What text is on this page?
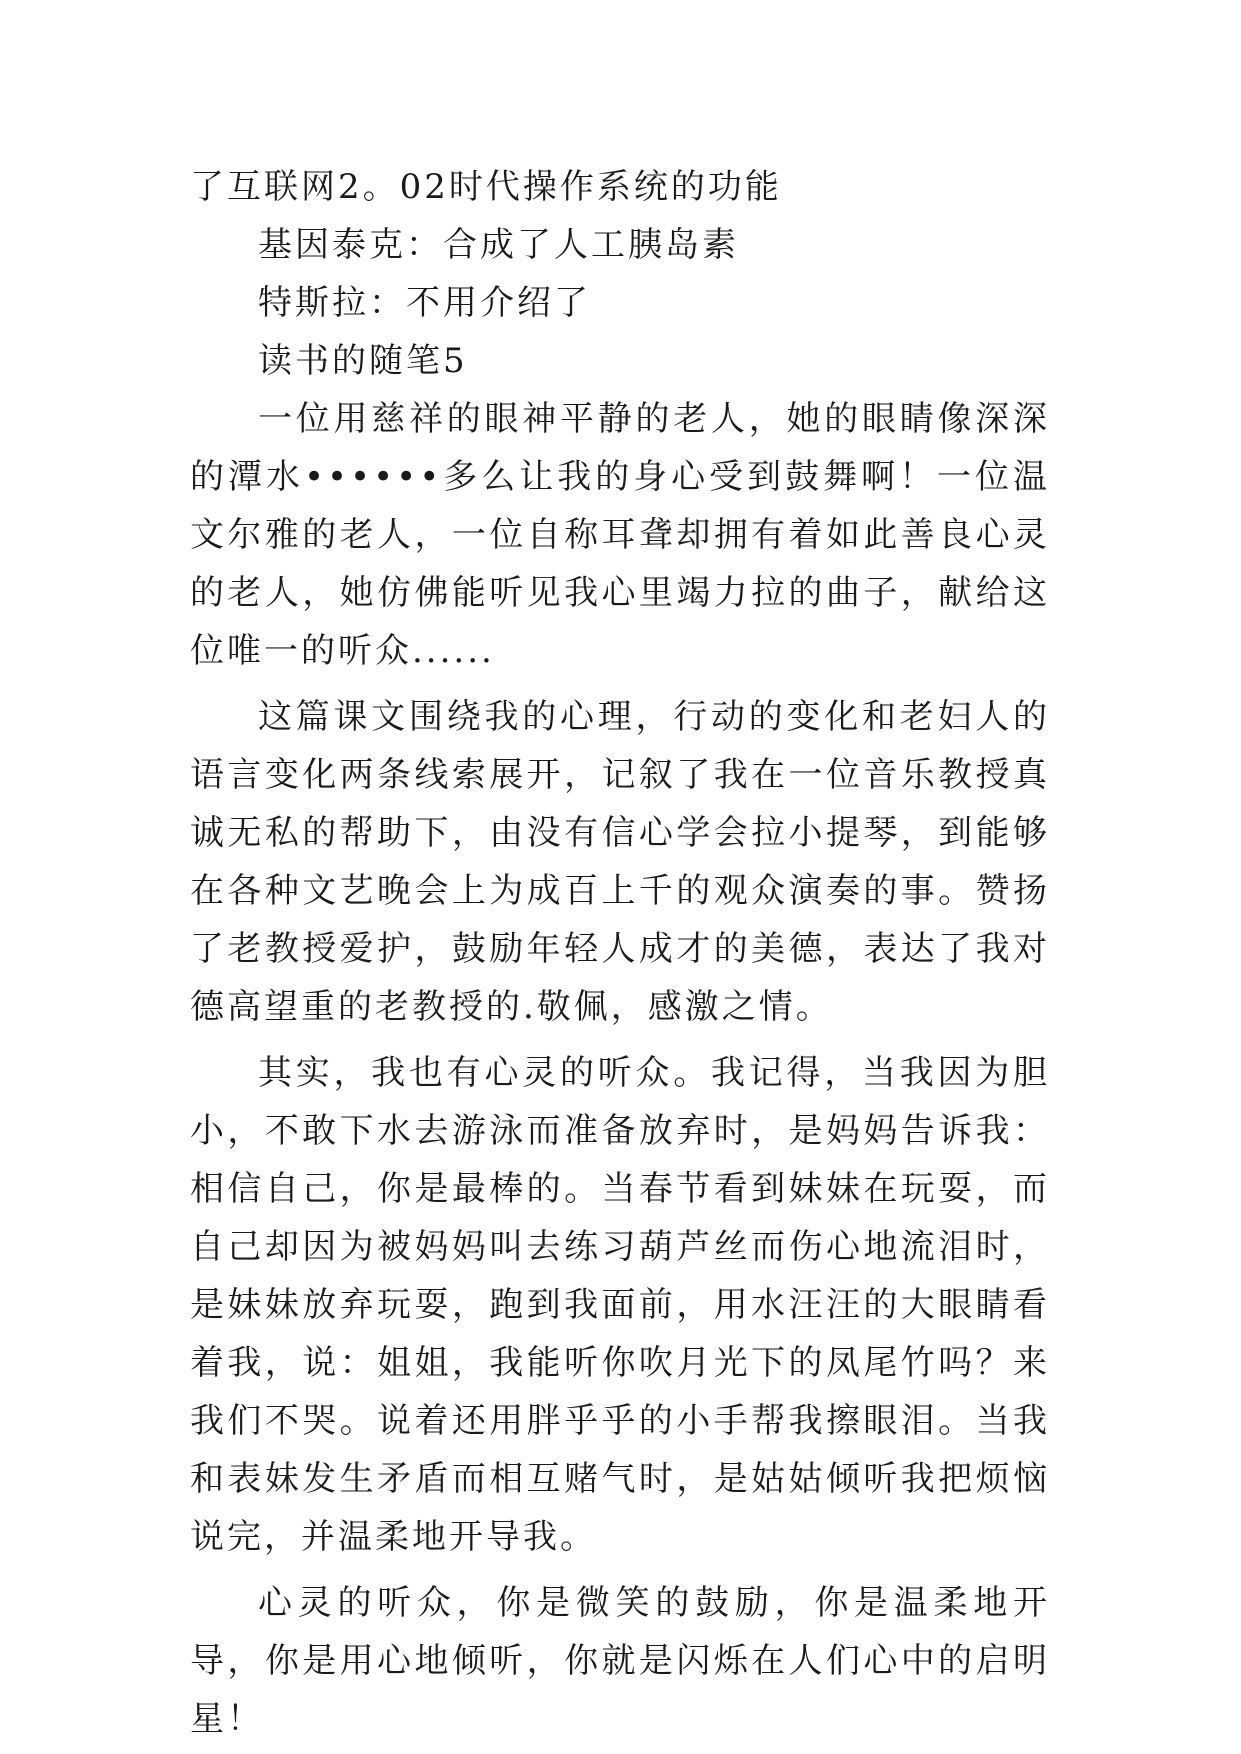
了互联网2。02时代操作系统的功能
基因泰克：合成了人工胰岛素
特斯拉：不用介绍了
读书的随笔5

一位用慈祥的眼神平静的老人，她的眼睛像深深的潭水••••••多么让我的身心受到鼓舞啊！一位温文尔雅的老人，一位自称耳聋却拥有着如此善良心灵的老人，她仿佛能听见我心里竭力拉的曲子，献给这位唯一的听众......

这篇课文围绕我的心理，行动的变化和老妇人的语言变化两条线索展开，记叙了我在一位音乐教授真诚无私的帮助下，由没有信心学会拉小提琴，到能够在各种文艺晚会上为成百上千的观众演奏的事。赞扬了老教授爱护，鼓励年轻人成才的美德，表达了我对德高望重的老教授的.敬佩，感激之情。

其实，我也有心灵的听众。我记得，当我因为胆小，不敢下水去游泳而准备放弃时，是妈妈告诉我：相信自己，你是最棒的。当春节看到妹妹在玩耍，而自己却因为被妈妈叫去练习葫芦丝而伤心地流泪时，是妹妹放弃玩耍，跑到我面前，用水汪汪的大眼睛看着我，说：姐姐，我能听你吹月光下的凤尾竹吗？来我们不哭。说着还用胖乎乎的小手帮我擦眼泪。当我和表妹发生矛盾而相互赌气时，是姑姑倾听我把烦恼说完，并温柔地开导我。

心灵的听众，你是微笑的鼓励，你是温柔地开导，你是用心地倾听，你就是闪烁在人们心中的启明星！
